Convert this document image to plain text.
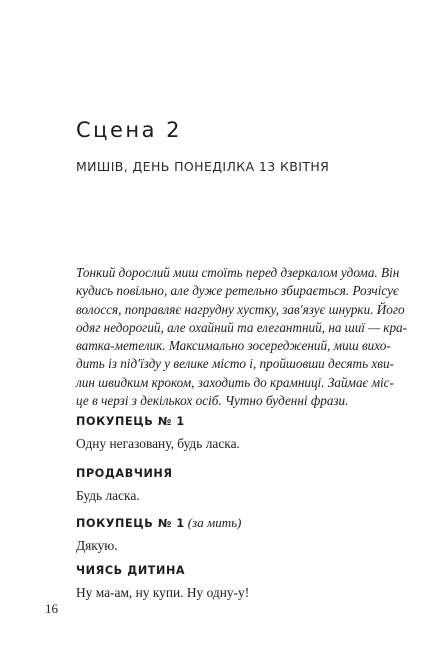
Сцена 2
МИШІВ, ДЕНЬ ПОНЕДІЛКА 13 КВІТНЯ
Тонкий дорослий миш стоїть перед дзеркалом удома. Він
кудись повільно, але дуже ретельно збирається. Розчісує
волосся, поправляє нагрудну хустку, зав'язує шнурки. Його
одяг недорогий, але охайний та елегантний, на шиї — кра-
ватка-метелик. Максимально зосереджений, миш вихо-
дить із під'їзду у велике місто і, пройшовши десять хви-
лин швидким кроком, заходить до крамниці. Займає міс-
це в черзі з декількох осіб. Чутно буденні фрази.
ПОКУПЕЦЬ № 1
Одну негазовану, будь ласка.
ПРОДАВЧИНЯ
Будь ласка.
ПОКУПЕЦЬ № 1 (за мить)
Дякую.
ЧИЯСЬ ДИТИНА
Ну ма-ам, ну купи. Ну одну-у!
16
